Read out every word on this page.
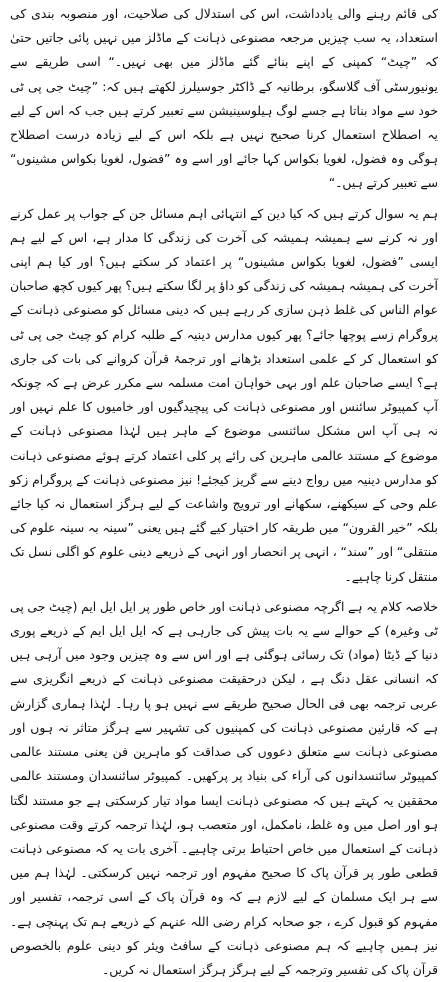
کی قائم رہنے والی یادداشت، اس کی استدلال کی صلاحیت، اور منصوبہ بندی کی استعداد، یہ سب چیزیں مرجعہ مصنوعی ذہانت کے ماڈلز میں نہیں پائی جاتیں حتیٰ کہ ”چیٹ“ کمپنی کے اپنے بنائے گئے ماڈلز میں بھی نہیں۔“ اسی طریقے سے یونیورسٹی آف گلاسگو، برطانیہ کے ڈاکٹر جوسیلرز لکھتے ہیں کہ: ”چیٹ جی پی ٹی خود سے مواد بناتا ہے جسے لوگ ہیلوسینیشن سے تعبیر کرتے ہیں جب کہ اس کے لیے یہ اصطلاح استعمال کرنا صحیح نہیں ہے بلکہ اس کے لیے زیادہ درست اصطلاح ہوگی وہ فضول، لغویا بکواس کہا جائے اور اسے وہ ”فضول، لغویا بکواس مشینوں“ سے تعبیر کرتے ہیں۔“

ہم یہ سوال کرتے ہیں کہ کیا دین کے انتہائی اہم مسائل جن کے جواب پر عمل کرنے اور نہ کرنے سے ہمیشہ ہمیشہ کی آخرت کی زندگی کا مدار ہے، اس کے لیے ہم ایسی ”فضول، لغویا بکواس مشینوں“ پر اعتماد کر سکتے ہیں؟ اور کیا ہم اپنی آخرت کی ہمیشہ ہمیشہ کی زندگی کو داؤ پر لگا سکتے ہیں؟ پھر کیوں کچھ صاحبان عوام الناس کی غلط ذہن سازی کر رہے ہیں کہ دینی مسائل کو مصنوعی ذہانت کے پروگرام زسے پوچھا جائے؟ پھر کیوں مدارس دینیہ کے طلبہ کرام کو چیٹ جی پی ٹی کو استعمال کر کے علمی استعداد بڑھانے اور ترجمۂ قرآن کروانے کی بات کی جاری ہے؟ ایسے صاحبان علم اور بہی خواہان امت مسلمہ سے مکرر عرض ہے کہ چونکہ آپ کمپیوٹر سائنس اور مصنوعی ذہانت کی پیچیدگیوں اور خامیوں کا علم نہیں اور نہ ہی آپ اس مشکل سائنسی موضوع کے ماہر ہیں لہٰذا مصنوعی ذہانت کے موضوع کے مستند عالمی ماہرین کی رائے پر کلی اعتماد کرتے ہوئے مصنوعی ذہانت کو مدارس دینیہ میں رواج دینے سے گریز کیجئے! نیز مصنوعی ذہانت کے پروگرام زکو علم وحی کے سیکھنے، سکھانے اور ترویج واشاعت کے لیے ہرگز استعمال نہ کیا جائے بلکہ ”خیر القرون“ میں طریقہ کار اختیار کیے گئے ہیں یعنی ”سینہ بہ سینہ علوم کی منتقلی“ اور ”سند“ ، انہی پر انحصار اور انہی کے ذریعے دینی علوم کو اگلی نسل تک منتقل کرنا چاہیے۔

خلاصہ کلام یہ ہے اگرچہ مصنوعی ذہانت اور خاص طور پر ایل ایل ایم (چیٹ جی پی ٹی وغیرہ) کے حوالے سے یہ بات پیش کی جارہی ہے کہ ایل ایل ایم کے ذریعے پوری دنیا کے ڈیٹا (مواد) تک رسائی ہوگئی ہے اور اس سے وہ چیزیں وجود میں آرہی ہیں کہ انسانی عقل دنگ ہے ، لیکن درحقیقت مصنوعی ذہانت کے ذریعے انگریزی سے عربی ترجمہ بھی فی الحال صحیح طریقے سے نہیں ہو پا رہا۔ لہٰذا ہماری گزارش ہے کہ قارئین مصنوعی ذہانت کی کمپنیوں کی تشہیر سے ہرگز متاثر نہ ہوں اور مصنوعی ذہانت سے متعلق دعووں کی صداقت کو ماہرین فن یعنی مستند عالمی کمپیوٹر سائنسدانوں کی آراء کی بنیاد پر پرکھیں۔ کمپیوٹر سائنسدان ومستند عالمی محققین یہ کہتے ہیں کہ مصنوعی ذہانت ایسا مواد تیار کرسکتی ہے جو مستند لگتا ہو اور اصل میں وہ غلط، نامکمل، اور متعصب ہو، لہٰذا ترجمہ کرتے وقت مصنوعی ذہانت کے استعمال میں خاص احتیاط برتی چاہیے۔ آخری بات یہ کہ مصنوعی ذہانت قطعی طور پر قرآن پاک کا صحیح مفہوم اور ترجمہ نہیں کرسکتی۔ لہٰذا ہم میں سے ہر ایک مسلمان کے لیے لازم ہے کہ وہ قرآن پاک کے اسی ترجمہ، تفسیر اور مفہوم کو قبول کرے ، جو صحابہ کرام رضی اللہ عنہم کے ذریعے ہم تک پہنچی ہے۔ نیز ہمیں چاہیے کہ ہم مصنوعی ذہانت کے سافٹ ویئر کو دینی علوم بالخصوص قرآن پاک کی تفسیر وترجمہ کے لیے ہرگز ہرگز استعمال نہ کریں۔
